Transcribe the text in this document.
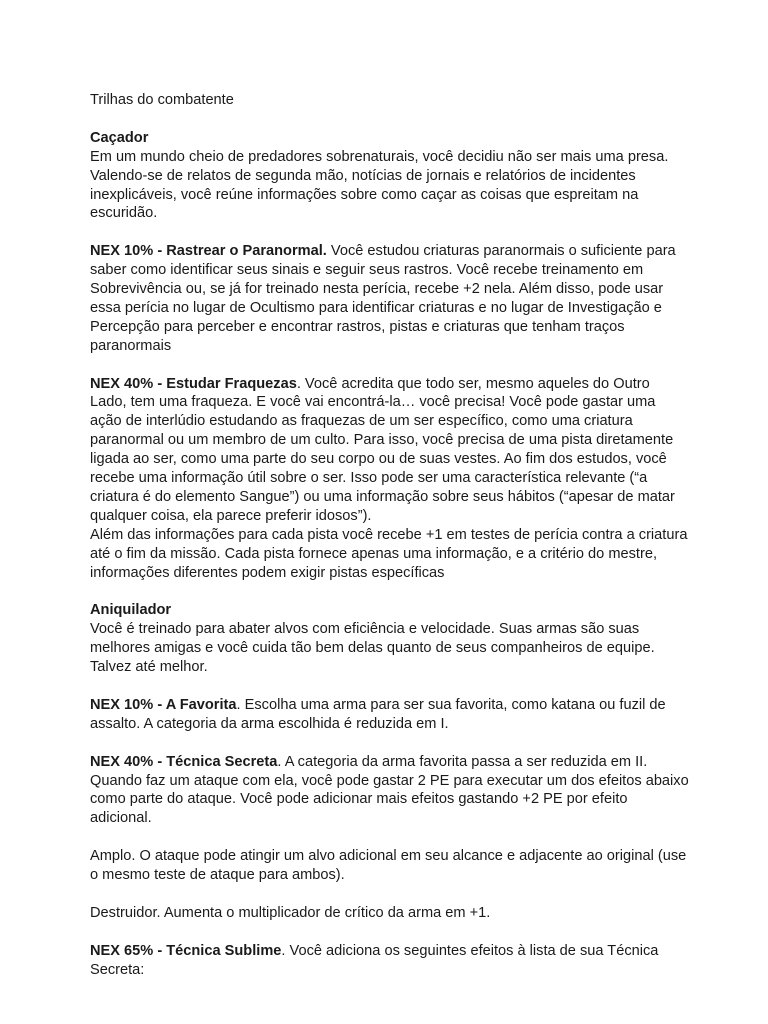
Trilhas do combatente

Caçador

Em um mundo cheio de predadores sobrenaturais, você decidiu não ser mais uma presa. Valendo-se de relatos de segunda mão, notícias de jornais e relatórios de incidentes inexplicáveis, você reúne informações sobre como caçar as coisas que espreitam na escuridão.

NEX 10% - Rastrear o Paranormal. Você estudou criaturas paranormais o suficiente para saber como identificar seus sinais e seguir seus rastros. Você recebe treinamento em Sobrevivência ou, se já for treinado nesta perícia, recebe +2 nela. Além disso, pode usar essa perícia no lugar de Ocultismo para identificar criaturas e no lugar de Investigação e Percepção para perceber e encontrar rastros, pistas e criaturas que tenham traços paranormais

NEX 40% - Estudar Fraquezas. Você acredita que todo ser, mesmo aqueles do Outro Lado, tem uma fraqueza. E você vai encontrá-la… você precisa! Você pode gastar uma ação de interlúdio estudando as fraquezas de um ser específico, como uma criatura paranormal ou um membro de um culto. Para isso, você precisa de uma pista diretamente ligada ao ser, como uma parte do seu corpo ou de suas vestes. Ao fim dos estudos, você recebe uma informação útil sobre o ser. Isso pode ser uma característica relevante (“a criatura é do elemento Sangue”) ou uma informação sobre seus hábitos (“apesar de matar qualquer coisa, ela parece preferir idosos”).

Além das informações para cada pista você recebe +1 em testes de perícia contra a criatura até o fim da missão. Cada pista fornece apenas uma informação, e a critério do mestre, informações diferentes podem exigir pistas específicas

Aniquilador

Você é treinado para abater alvos com eficiência e velocidade. Suas armas são suas melhores amigas e você cuida tão bem delas quanto de seus companheiros de equipe. Talvez até melhor.

NEX 10% - A Favorita. Escolha uma arma para ser sua favorita, como katana ou fuzil de assalto. A categoria da arma escolhida é reduzida em I.

NEX 40% - Técnica Secreta. A categoria da arma favorita passa a ser reduzida em II. Quando faz um ataque com ela, você pode gastar 2 PE para executar um dos efeitos abaixo como parte do ataque. Você pode adicionar mais efeitos gastando +2 PE por efeito adicional.

Amplo. O ataque pode atingir um alvo adicional em seu alcance e adjacente ao original (use o mesmo teste de ataque para ambos).

Destruidor. Aumenta o multiplicador de crítico da arma em +1.

NEX 65% - Técnica Sublime. Você adiciona os seguintes efeitos à lista de sua Técnica Secreta:
